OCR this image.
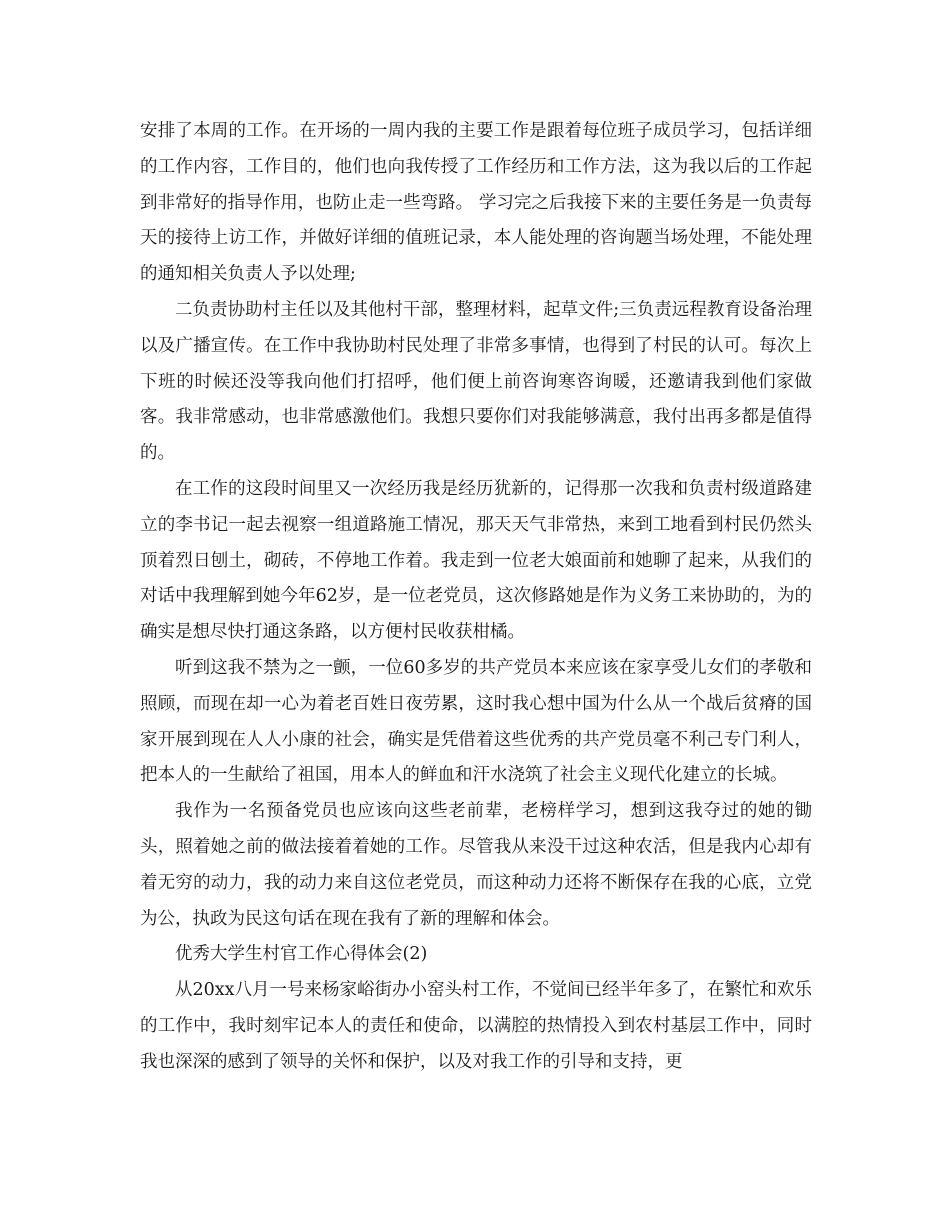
安排了本周的工作。在开场的一周内我的主要工作是跟着每位班子成员学习，包括详细的工作内容，工作目的，他们也向我传授了工作经历和工作方法，这为我以后的工作起到非常好的指导作用，也防止走一些弯路。 学习完之后我接下来的主要任务是一负责每天的接待上访工作，并做好详细的值班记录，本人能处理的咨询题当场处理，不能处理的通知相关负责人予以处理;

二负责协助村主任以及其他村干部，整理材料，起草文件;三负责远程教育设备治理以及广播宣传。在工作中我协助村民处理了非常多事情，也得到了村民的认可。每次上下班的时候还没等我向他们打招呼，他们便上前咨询寒咨询暖，还邀请我到他们家做客。我非常感动，也非常感激他们。我想只要你们对我能够满意，我付出再多都是值得的。

在工作的这段时间里又一次经历我是经历犹新的，记得那一次我和负责村级道路建立的李书记一起去视察一组道路施工情况，那天天气非常热，来到工地看到村民仍然头顶着烈日刨土，砌砖，不停地工作着。我走到一位老大娘面前和她聊了起来，从我们的对话中我理解到她今年62岁，是一位老党员，这次修路她是作为义务工来协助的，为的确实是想尽快打通这条路，以方便村民收获柑橘。

听到这我不禁为之一颤，一位60多岁的共产党员本来应该在家享受儿女们的孝敬和照顾，而现在却一心为着老百姓日夜劳累，这时我心想中国为什么从一个战后贫瘠的国家开展到现在人人小康的社会，确实是凭借着这些优秀的共产党员毫不利己专门利人，把本人的一生献给了祖国，用本人的鲜血和汗水浇筑了社会主义现代化建立的长城。

我作为一名预备党员也应该向这些老前辈，老榜样学习，想到这我夺过的她的锄头，照着她之前的做法接着着她的工作。尽管我从来没干过这种农活，但是我内心却有着无穷的动力，我的动力来自这位老党员，而这种动力还将不断保存在我的心底，立党为公，执政为民这句话在现在我有了新的理解和体会。

优秀大学生村官工作心得体会(2)

从20xx八月一号来杨家峪街办小窑头村工作，不觉间已经半年多了，在繁忙和欢乐的工作中，我时刻牢记本人的责任和使命，以满腔的热情投入到农村基层工作中，同时我也深深的感到了领导的关怀和保护，以及对我工作的引导和支持，更
